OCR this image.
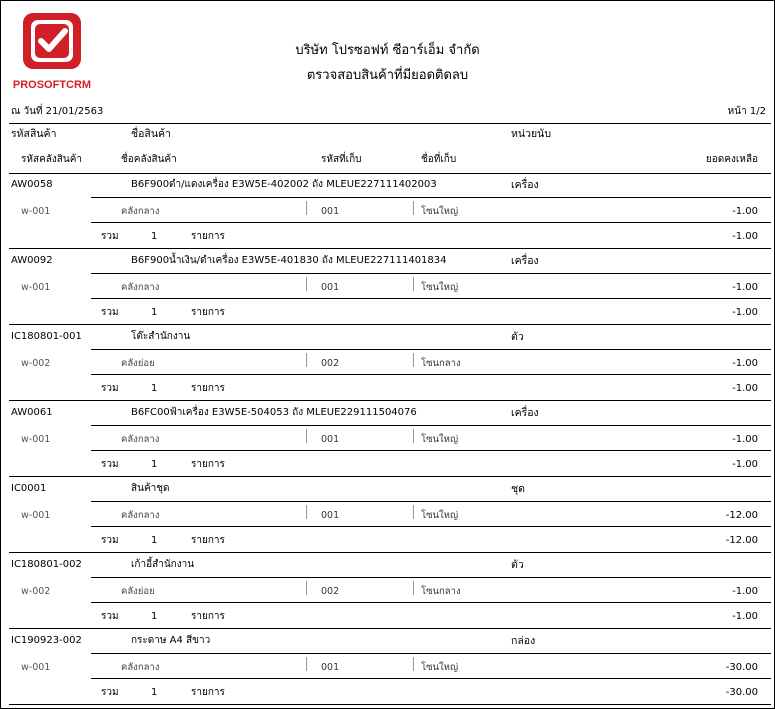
PROSOFTCRM
บริษัท โปรซอฟท์ ซีอาร์เอ็ม จำกัด
ตรวจสอบสินค้าที่มียอดติดลบ
ณ วันที่ 21/01/2563	หน้า 1/2
รหัสสินค้า	ชื่อสินค้า	หน่วยนับ
รหัสคลังสินค้า	ชื่อคลังสินค้า	รหัสที่เก็บ	ชื่อที่เก็บ	ยอดคงเหลือ
AW0058	B6F900ดำ/แดงเครื่อง E3W5E-402002 ถัง MLEUE227111402003	เครื่อง
w-001	คลังกลาง	001	โซนใหญ่	-1.00
รวม	1	รายการ	-1.00
AW0092	B6F900น้ำเงิน/ดำเครื่อง E3W5E-401830 ถัง MLEUE227111401834	เครื่อง
w-001	คลังกลาง	001	โซนใหญ่	-1.00
รวม	1	รายการ	-1.00
IC180801-001	โต๊ะสำนักงาน	ตัว
w-002	คลังย่อย	002	โซนกลาง	-1.00
รวม	1	รายการ	-1.00
AW0061	B6FC00ฟ้าเครื่อง E3W5E-504053 ถัง MLEUE229111504076	เครื่อง
w-001	คลังกลาง	001	โซนใหญ่	-1.00
รวม	1	รายการ	-1.00
IC0001	สินค้าชุด	ชุด
w-001	คลังกลาง	001	โซนใหญ่	-12.00
รวม	1	รายการ	-12.00
IC180801-002	เก้าอี้สำนักงาน	ตัว
w-002	คลังย่อย	002	โซนกลาง	-1.00
รวม	1	รายการ	-1.00
IC190923-002	กระดาษ A4 สีขาว	กล่อง
w-001	คลังกลาง	001	โซนใหญ่	-30.00
รวม	1	รายการ	-30.00
